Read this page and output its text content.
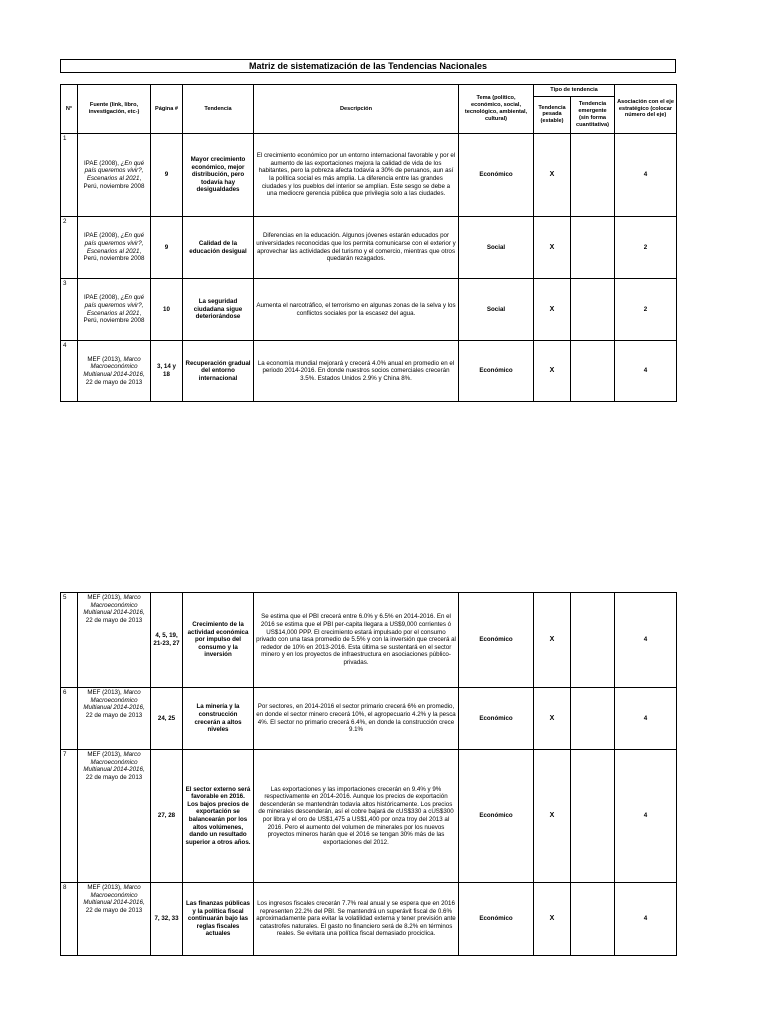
Matriz de sistematización de las Tendencias Nacionales
N°	Fuente (link, libro, investigación, etc-)	Página #	Tendencia	Descripción	Tema (político, económico, social, tecnológico, ambiental, cultural)	Tipo de tendencia		Asociación con el eje estratégico (colocar número del eje)
						Tendencia pesada (estable)	Tendencia emergente (sin forma cuantitativa)	
1	IPAE (2008), ¿En qué país queremos vivir?, Escenarios al 2021, Perú, noviembre 2008	9	Mayor crecimiento económico, mejor distribución, pero todavía hay desigualdades	El crecimiento económico por un entorno internacional favorable y por el aumento de las exportaciones mejora la calidad de vida de los habitantes, pero la pobreza afecta todavía a 30% de peruanos, aun así la política social es más amplia. La diferencia entre las grandes ciudades y los pueblos del interior se amplían. Este sesgo se debe a una mediocre gerencia pública que privilegia solo a las ciudades.	Económico	X		4
2	IPAE (2008), ¿En qué país queremos vivir?, Escenarios al 2021, Perú, noviembre 2008	9	Calidad de la educación desigual	Diferencias en la educación. Algunos jóvenes estarán educados por universidades reconocidas que los permita comunicarse con el exterior y aprovechar las actividades del turismo y el comercio, mientras que otros quedarán rezagados.	Social	X		2
3	IPAE (2008), ¿En qué país queremos vivir?, Escenarios al 2021, Perú, noviembre 2008	10	La seguridad ciudadana sigue deteriorándose	Aumenta el narcotráfico, el terrorismo en algunas zonas de la selva y los conflictos sociales por la escasez del agua.	Social	X		2
4	MEF (2013), Marco Macroeconómico Multianual 2014-2016, 22 de mayo de 2013	3, 14 y 18	Recuperación gradual del entorno internacional	La economía mundial mejorará y crecerá 4.0% anual en promedio en el periodo 2014-2016. En donde nuestros socios comerciales crecerán 3.5%. Estados Unidos 2.9% y China 8%.	Económico	X		4
5	MEF (2013), Marco Macroeconómico Multianual 2014-2016, 22 de mayo de 2013	4, 5, 19, 21-23, 27	Crecimiento de la actividad económica por impulso del consumo y la inversión	Se estima que el PBI crecerá entre 6.0% y 6.5% en 2014-2016. En el 2016 se estima que el PBI per-capita llegara a US$9,000 corrientes ó US$14,000 PPP. El crecimiento estará impulsado por el consumo privado con una tasa promedio de 5.5% y con la inversión que crecerá al rededor de 10% en 2013-2016. Esta última se sustentará en el sector minero y en los proyectos de infraestructura en asociaciones público-privadas.	Económico	X		4
6	MEF (2013), Marco Macroeconómico Multianual 2014-2016, 22 de mayo de 2013	24, 25	La minería y la construcción crecerán a altos niveles	Por sectores, en 2014-2016 el sector primario crecerá 6% en promedio, en donde el sector minero crecerá 10%, el agropecuario 4.2% y la pesca 4%. El sector no primario crecerá 6.4%, en donde la construcción crece 9.1%	Económico	X		4
7	MEF (2013), Marco Macroeconómico Multianual 2014-2016, 22 de mayo de 2013	27, 28	El sector externo será favorable en 2016. Los bajos precios de exportación se balancearán por los altos volúmenes, dando un resultado superior a otros años.	Las exportaciones y las importaciones crecerán en 9.4% y 9% respectivamente en 2014-2016. Aunque los precios de exportación descenderán se mantendrán todavía altos históricamente. Los precios de minerales descenderán, así el cobre bajará de cUS$330 a cUS$300 por libra y el oro de US$1,475 a US$1,400 por onza troy del 2013 al 2016. Pero el aumento del volumen de minerales por los nuevos proyectos mineros harán que el 2016 se tengan 30% más de las exportaciones del 2012.	Económico	X		4
8	MEF (2013), Marco Macroeconómico Multianual 2014-2016, 22 de mayo de 2013	7, 32, 33	Las finanzas públicas y la política fiscal continuarán bajo las reglas fiscales actuales	Los ingresos fiscales crecerán 7.7% real anual y se espera que en 2016 representen 22.2% del PBI. Se mantendrá un superávit fiscal de 0.6% aproximadamente para evitar la volatilidad externa y tener previsión ante catastrofes naturales. El gasto no financiero será de 8.2% en términos reales. Se evitara una política fiscal demasiado prociclica.	Económico	X		4
